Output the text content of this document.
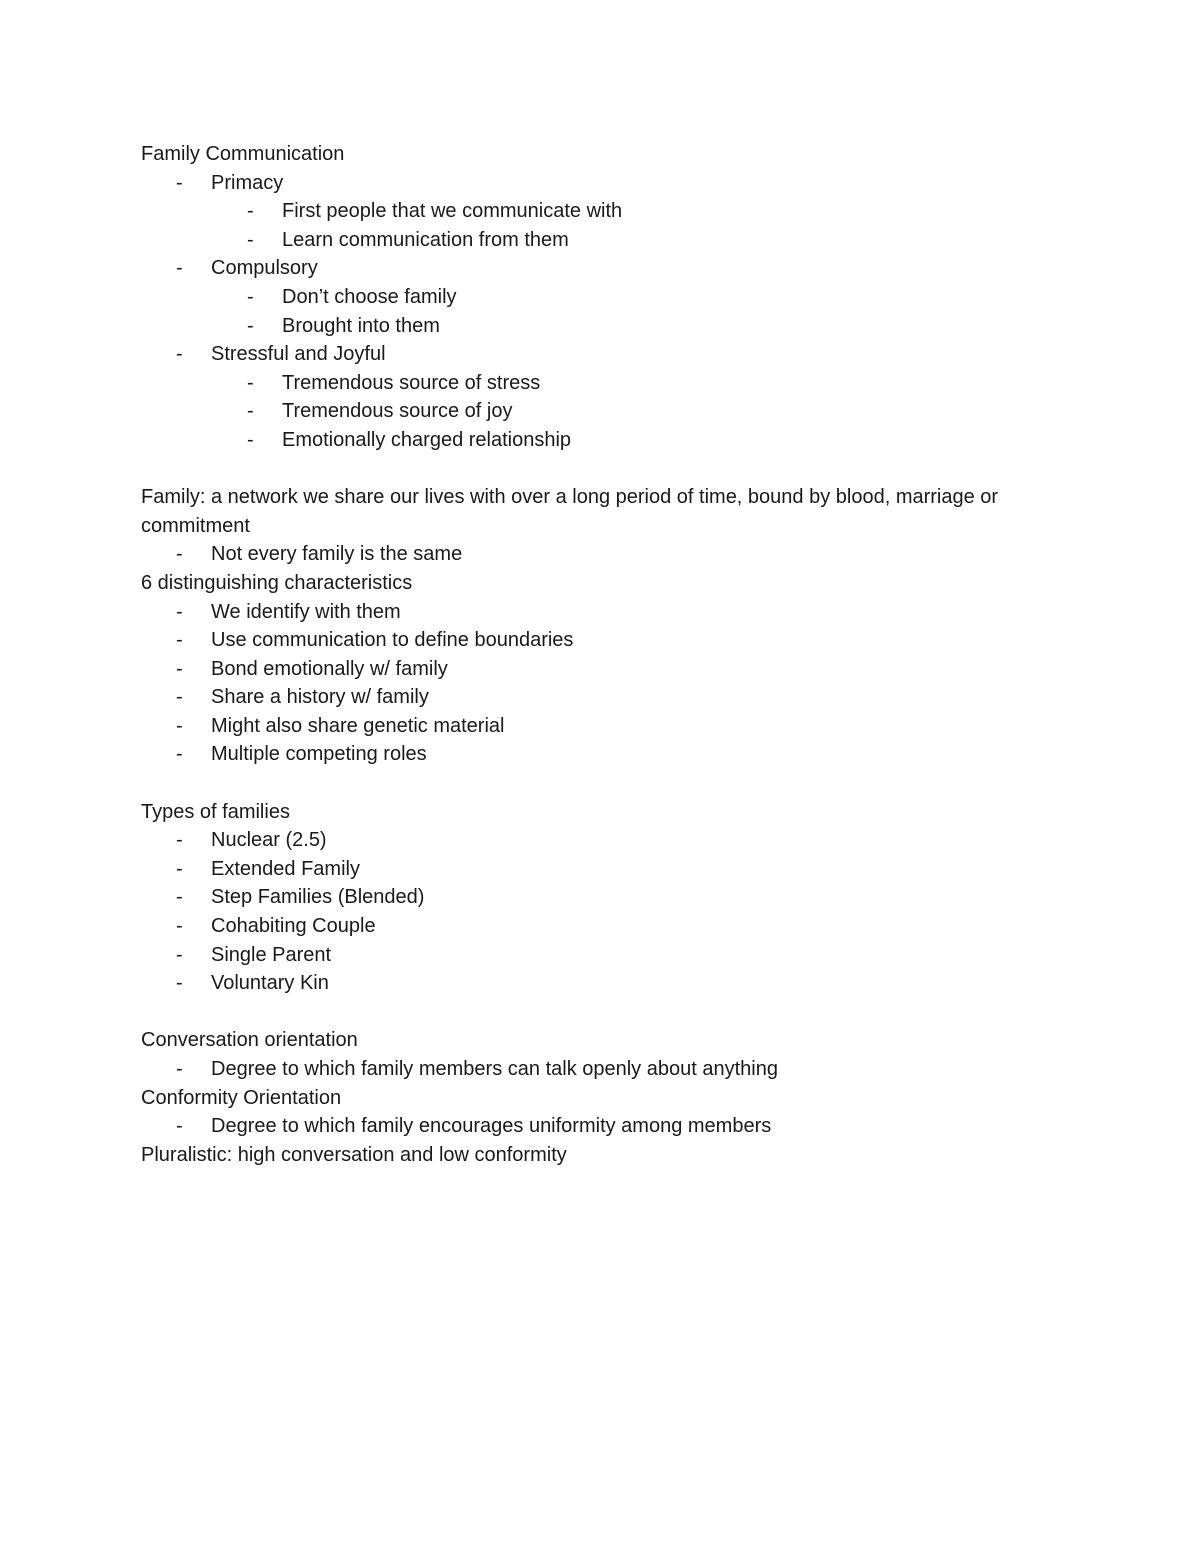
Family Communication
- Primacy
- First people that we communicate with
- Learn communication from them
- Compulsory
- Don’t choose family
- Brought into them
- Stressful and Joyful
- Tremendous source of stress
- Tremendous source of joy
- Emotionally charged relationship
Family: a network we share our lives with over a long period of time, bound by blood, marriage or commitment
- Not every family is the same
6 distinguishing characteristics
- We identify with them
- Use communication to define boundaries
- Bond emotionally w/ family
- Share a history w/ family
- Might also share genetic material
- Multiple competing roles
Types of families
- Nuclear (2.5)
- Extended Family
- Step Families (Blended)
- Cohabiting Couple
- Single Parent
- Voluntary Kin
Conversation orientation
- Degree to which family members can talk openly about anything
Conformity Orientation
- Degree to which family encourages uniformity among members
Pluralistic: high conversation and low conformity
